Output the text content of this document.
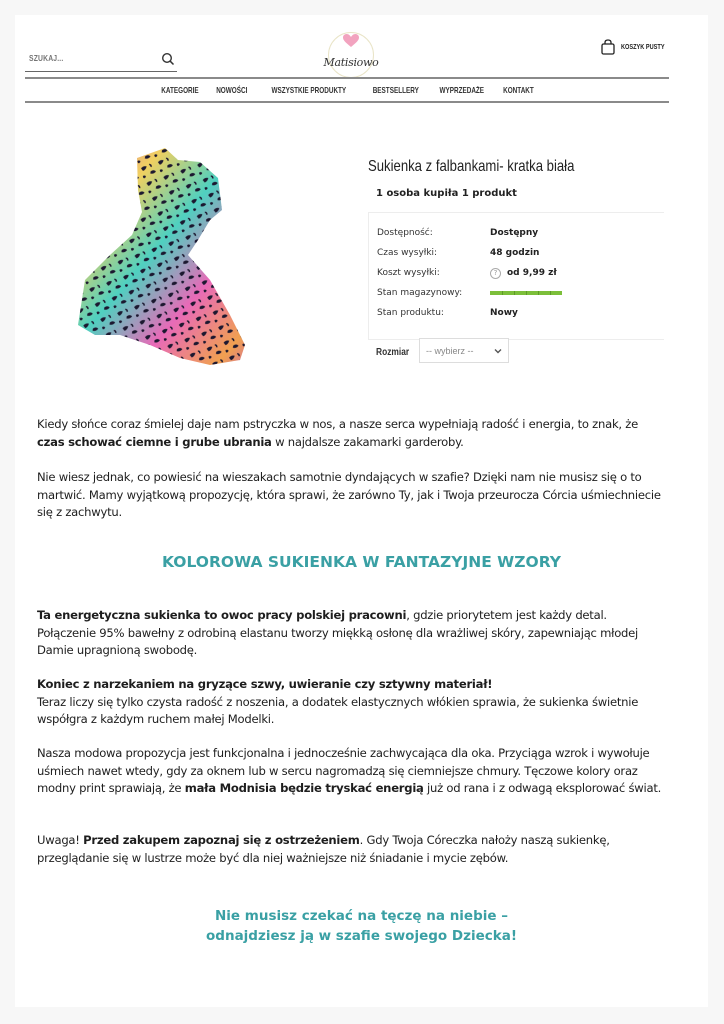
SZUKAJ...
Matisiowo
KOSZYK PUSTY
KATEGORIE NOWOŚCI	WSZYSTKIE PRODUKTY	BESTSELLERY WYPRZEDAŻE KONTAKT
Sukienka z falbankami- kratka biała
1 osoba kupiła 1 produkt
Dostępność:	Dostępny
Czas wysyłki:	48 godzin
Koszt wysyłki:	?	od 9,99 zł
Stan magazynowy:
Stan produktu:	Nowy
Rozmiar -- wybierz --

Kiedy słońce coraz śmielej daje nam pstryczka w nos, a nasze serca wypełniają radość i energia, to znak, że czas schować ciemne i grube ubrania w najdalsze zakamarki garderoby.

Nie wiesz jednak, co powiesić na wieszakach samotnie dyndających w szafie? Dzięki nam nie musisz się o to martwić. Mamy wyjątkową propozycję, która sprawi, że zarówno Ty, jak i Twoja przeurocza Córcia uśmiechniecie się z zachwytu.

KOLOROWA SUKIENKA W FANTAZYJNE WZORY

Ta energetyczna sukienka to owoc pracy polskiej pracowni, gdzie priorytetem jest każdy detal. Połączenie 95% bawełny z odrobiną elastanu tworzy miękką osłonę dla wrażliwej skóry, zapewniając młodej Damie upragnioną swobodę.

Koniec z narzekaniem na gryzące szwy, uwieranie czy sztywny materiał!
Teraz liczy się tylko czysta radość z noszenia, a dodatek elastycznych włókien sprawia, że sukienka świetnie współgra z każdym ruchem małej Modelki.

Nasza modowa propozycja jest funkcjonalna i jednocześnie zachwycająca dla oka. Przyciąga wzrok i wywołuje uśmiech nawet wtedy, gdy za oknem lub w sercu nagromadzą się ciemniejsze chmury. Tęczowe kolory oraz modny print sprawiają, że mała Modnisia będzie tryskać energią już od rana i z odwagą eksplorować świat.

Uwaga! Przed zakupem zapoznaj się z ostrzeżeniem. Gdy Twoja Córeczka nałoży naszą sukienkę, przeglądanie się w lustrze może być dla niej ważniejsze niż śniadanie i mycie zębów.

Nie musisz czekać na tęczę na niebie –
odnajdziesz ją w szafie swojego Dziecka!
